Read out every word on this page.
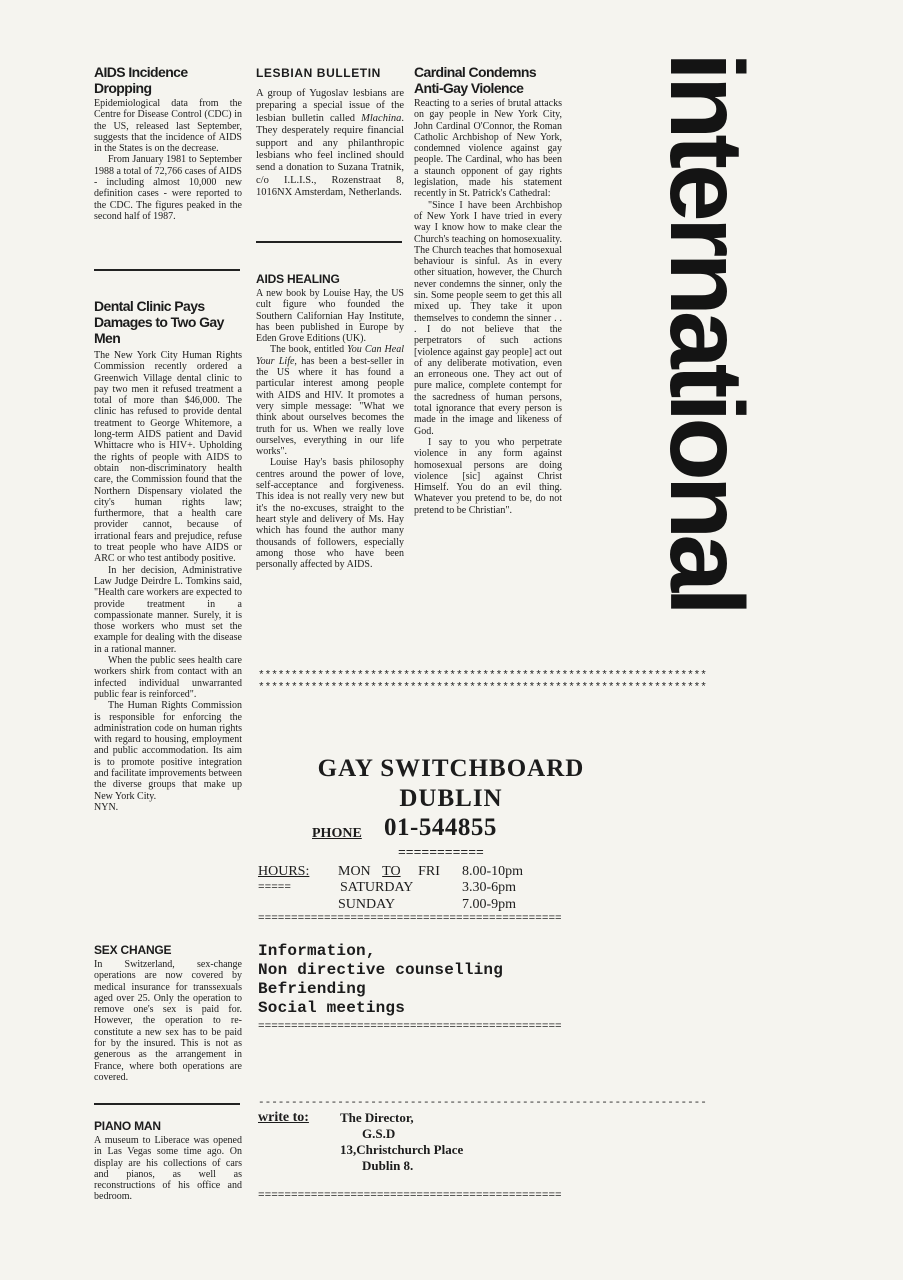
international
AIDS Incidence
Dropping

Epidemiological data from the Centre for Disease Control (CDC) in the US, released last September, suggests that the incidence of AIDS in the States is on the decrease.

From January 1981 to September 1988 a total of 72,766 cases of AIDS - including almost 10,000 new definition cases - were reported to the CDC. The figures peaked in the second half of 1987.

Dental Clinic Pays
Damages to Two Gay
Men

The New York City Human Rights Commission recently ordered a Greenwich Village dental clinic to pay two men it refused treatment a total of more than $46,000. The clinic has refused to provide dental treatment to George Whitemore, a long-term AIDS patient and David Whittacre who is HIV+. Upholding the rights of people with AIDS to obtain non-discriminatory health care, the Commission found that the Northern Dispensary violated the city's human rights law; furthermore, that a health care provider cannot, because of irrational fears and prejudice, refuse to treat people who have AIDS or ARC or who test antibody positive.

In her decision, Administrative Law Judge Deirdre L. Tomkins said, "Health care workers are expected to provide treatment in a compassionate manner. Surely, it is those workers who must set the example for dealing with the disease in a rational manner.

When the public sees health care workers shirk from contact with an infected individual unwarranted public fear is reinforced".

The Human Rights Commission is responsible for enforcing the administration code on human rights with regard to housing, employment and public accommodation. Its aim is to promote positive integration and facilitate improvements between the diverse groups that make up New York City.

NYN.

SEX CHANGE

In Switzerland, sex-change operations are now covered by medical insurance for transsexuals aged over 25. Only the operation to remove one's sex is paid for. However, the operation to re-constitute a new sex has to be paid for by the insured. This is not as generous as the arrangement in France, where both operations are covered.

PIANO MAN

A museum to Liberace was opened in Las Vegas some time ago. On display are his collections of cars and pianos, as well as reconstructions of his office and bedroom.

LESBIAN BULLETIN

A group of Yugoslav lesbians are preparing a special issue of the lesbian bulletin called Mlachina. They desperately require financial support and any philanthropic lesbians who feel inclined should send a donation to Suzana Tratnik, c/o I.L.I.S., Rozenstraat 8, 1016NX Amsterdam, Netherlands.

AIDS HEALING

A new book by Louise Hay, the US cult figure who founded the Southern Californian Hay Institute, has been published in Europe by Eden Grove Editions (UK).

The book, entitled You Can Heal Your Life, has been a best-seller in the US where it has found a particular interest among people with AIDS and HIV. It promotes a very simple message: "What we think about ourselves becomes the truth for us. When we really love ourselves, everything in our life works".

Louise Hay's basis philosophy centres around the power of love, self-acceptance and forgiveness. This idea is not really very new but it's the no-excuses, straight to the heart style and delivery of Ms. Hay which has found the author many thousands of followers, especially among those who have been personally affected by AIDS.

Cardinal Condemns
Anti-Gay Violence

Reacting to a series of brutal attacks on gay people in New York City, John Cardinal O'Connor, the Roman Catholic Archbishop of New York, condemned violence against gay people. The Cardinal, who has been a staunch opponent of gay rights legislation, made his statement recently in St. Patrick's Cathedral:

"Since I have been Archbishop of New York I have tried in every way I know how to make clear the Church's teaching on homosexuality. The Church teaches that homosexual behaviour is sinful. As in every other situation, however, the Church never condemns the sinner, only the sin. Some people seem to get this all mixed up. They take it upon themselves to condemn the sinner . . . I do not believe that the perpetrators of such actions [violence against gay people] act out of any deliberate motivation, even an erroneous one. They act out of pure malice, complete contempt for the sacredness of human persons, total ignorance that every person is made in the image and likeness of God.

I say to you who perpetrate violence in any form against homosexual persons are doing violence [sic] against Christ Himself. You do an evil thing. Whatever you pretend to be, do not pretend to be Christian".

********************************************************************
********************************************************************
GAY SWITCHBOARD
DUBLIN
PHONE 01-544855
===========
HOURS:
=====
MON TO FRI 8.00-10pm
SATURDAY	3.30-6pm
SUNDAY	7.00-9pm
==============================================
Information,
Non directive counselling
Befriending
Social meetings
==============================================
--------------------------------------------------------------------
write to: The Director,
G.S.D
13,Christchurch Place
Dublin 8.
==============================================
